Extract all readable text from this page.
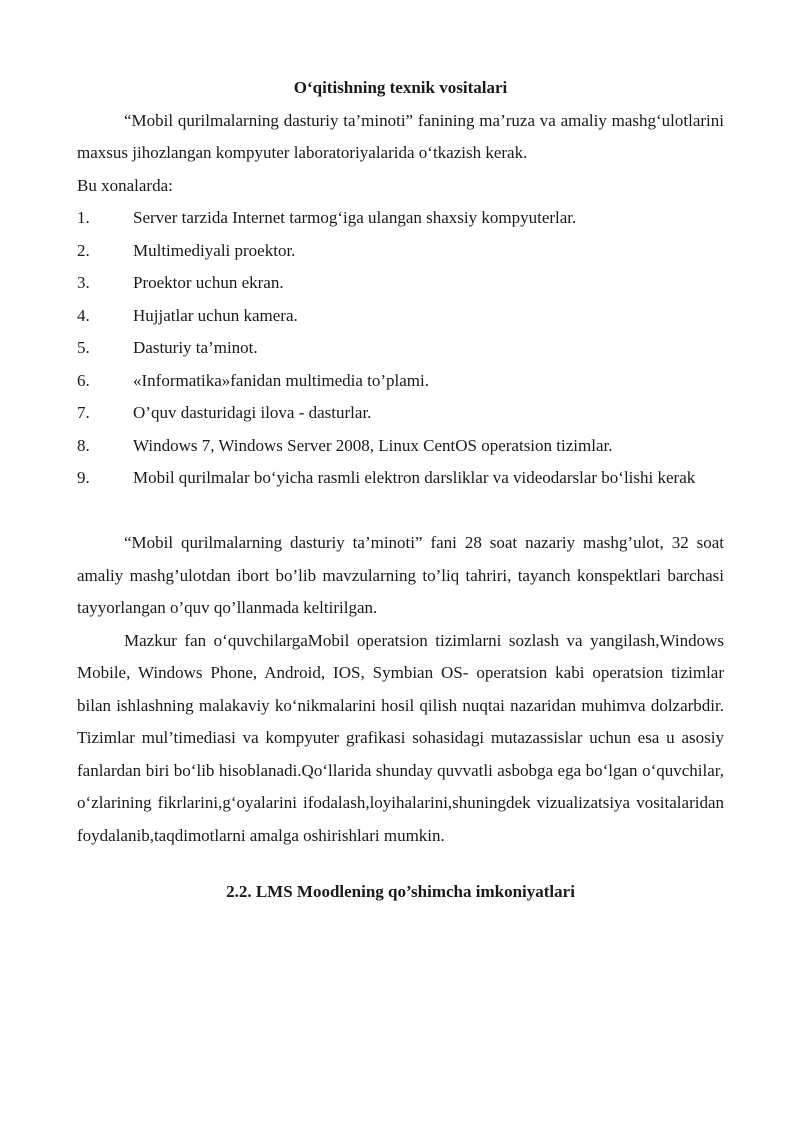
O‘qitishning texnik vositalari

“Mobil qurilmalarning dasturiy ta’minoti” fanining ma’ruza va amaliy mashg‘ulotlarini maxsus jihozlangan kompyuter laboratoriyalarida o‘tkazish kerak.

Bu xonalarda:

1.	Server tarzida Internet tarmog‘iga ulangan shaxsiy kompyuterlar.

2.	Multimediyali proektor.

3.	Proektor uchun ekran.

4.	Hujjatlar uchun kamera.

5.	Dasturiy ta’minot.

6.	«Informatika»fanidan multimedia to’plami.

7.	O’quv dasturidagi ilova - dasturlar.

8.	Windows 7, Windows Server 2008, Linux CentOS operatsion tizimlar.

9.	Mobil qurilmalar bo‘yicha rasmli elektron darsliklar va videodarslar bo‘lishi kerak

“Mobil qurilmalarning dasturiy ta’minoti” fani 28 soat nazariy mashg’ulot, 32 soat amaliy mashg’ulotdan ibort bo’lib mavzularning to’liq tahriri, tayanch konspektlari barchasi tayyorlangan o’quv qo’llanmada keltirilgan.

Mazkur fan o‘quvchilargaMobil operatsion tizimlarni sozlash va yangilash,Windows Mobile, Windows Phone, Android, IOS, Symbian OS- operatsion kabi operatsion tizimlar bilan ishlashning malakaviy ko‘nikmalarini hosil qilish nuqtai nazaridan muhimva dolzarbdir. Tizimlar mul’timediasi va kompyuter grafikasi sohasidagi mutazassislar uchun esa u asosiy fanlardan biri bo‘lib hisoblanadi.Qo‘llarida shunday quvvatli asbobga ega bo‘lgan o‘quvchilar, o‘zlarining fikrlarini,g‘oyalarini ifodalash,loyihalarini,shuningdek vizualizatsiya vositalaridan foydalanib,taqdimotlarni amalga oshirishlari mumkin.

2.2. LMS Moodlening qo’shimcha imkoniyatlari
